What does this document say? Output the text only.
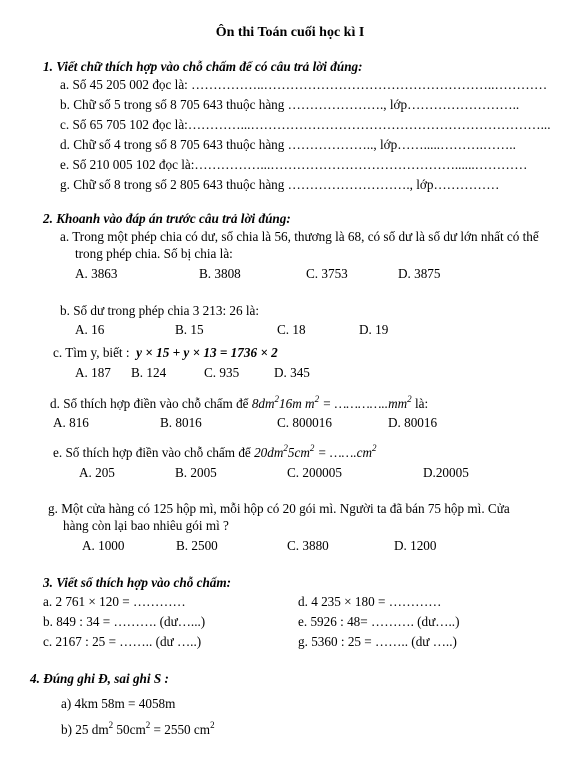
Ôn thi Toán cuối học kì I
1. Viết chữ thích hợp vào chỗ chấm để có câu trả lời đúng:
a. Số 45 205 002 đọc là: ……………..……………………………………………..…………
b. Chữ số 5 trong số 8 705 643 thuộc hàng …………………., lớp……………………..
c. Số 65 705 102 đọc là:…………...…………………………………………………………...
d. Chữ số 4 trong số 8 705 643 thuộc hàng ……………….., lớp…….....……….……..
e. Số 210 005 102 đọc là:……………...……………………………………......…………
g. Chữ số 8 trong số 2 805 643 thuộc hàng ………………………., lớp……………
2. Khoanh vào đáp án trước câu trả lời đúng:
a. Trong một phép chia có dư, số chia là 56, thương là 68, có số dư là số dư lớn nhất có thể
trong phép chia. Số bị chia là:
A. 3863	B. 3808	C. 3753	D. 3875
b. Số dư trong phép chia 3 213: 26 là:
A. 16	B. 15	C. 18	D. 19
c. Tìm y, biết : y × 15 + y × 13 = 1736 × 2
A. 187 B. 124	C. 935	D. 345
d. Số thích hợp điền vào chỗ chấm để $8dm^216m$ $m^2$ = $\dots\dots\dots\dots..mm^2$ là:
A. 816	B. 8016	C. 800016	D. 80016
e. Số thích hợp điền vào chỗ chấm để $20dm^25cm^2$ = $\dots\dots.cm^2$
A. 205	B. 2005	C. 200005	D.20005
g. Một cửa hàng có 125 hộp mì, mỗi hộp có 20 gói mì. Người ta đã bán 75 hộp mì. Cửa
hàng còn lại bao nhiêu gói mì ?
A. 1000	B. 2500	C. 3880	D. 1200
3. Viết số thích hợp vào chỗ chấm:
a. 2 761 × 120 = …………
b. 849 : 34 = ………. (dư…...)
c. 2167 : 25 = …….. (dư …..)
d. 4 235 × 180 = …………
e. 5926 : 48= ………. (dư…..)
g. 5360 : 25 = …….. (dư …..)
4. Đúng ghi Đ, sai ghi S :
a) 4km 58m = 4058m
b) 25 $dm^2$ $50cm^2 = 2550$ $cm^2$
